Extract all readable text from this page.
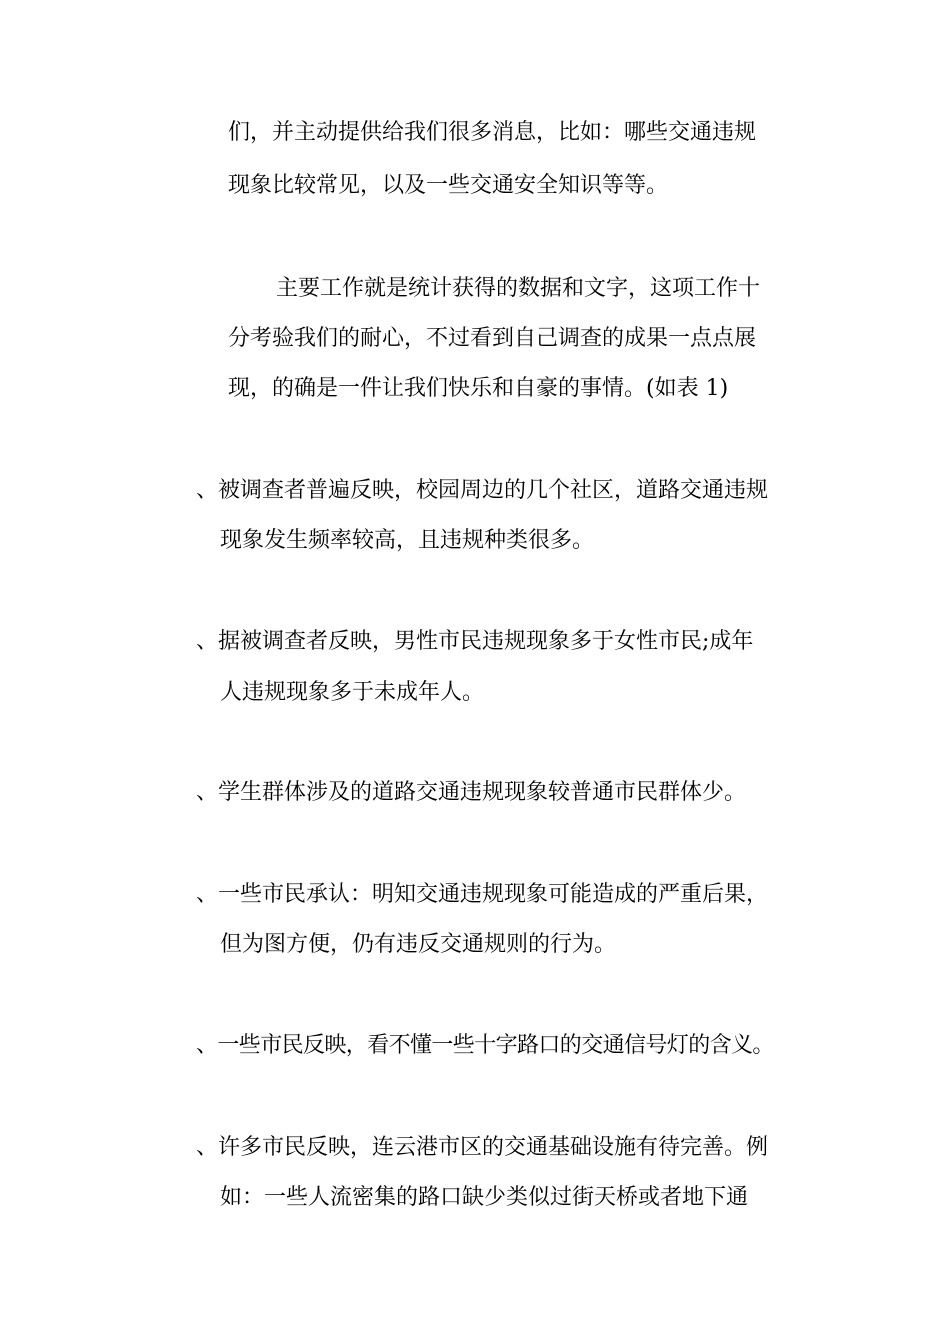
们，并主动提供给我们很多消息，比如：哪些交通违规
现象比较常见，以及一些交通安全知识等等。
主要工作就是统计获得的数据和文字，这项工作十
分考验我们的耐心，不过看到自己调查的成果一点点展
现，的确是一件让我们快乐和自豪的事情。(如表 1)
、被调查者普遍反映，校园周边的几个社区，道路交通违规
现象发生频率较高，且违规种类很多。
、据被调查者反映，男性市民违规现象多于女性市民;成年
人违规现象多于未成年人。
、学生群体涉及的道路交通违规现象较普通市民群体少。
、一些市民承认：明知交通违规现象可能造成的严重后果，
但为图方便，仍有违反交通规则的行为。
、一些市民反映，看不懂一些十字路口的交通信号灯的含义。
、许多市民反映，连云港市区的交通基础设施有待完善。例
如：一些人流密集的路口缺少类似过街天桥或者地下通
